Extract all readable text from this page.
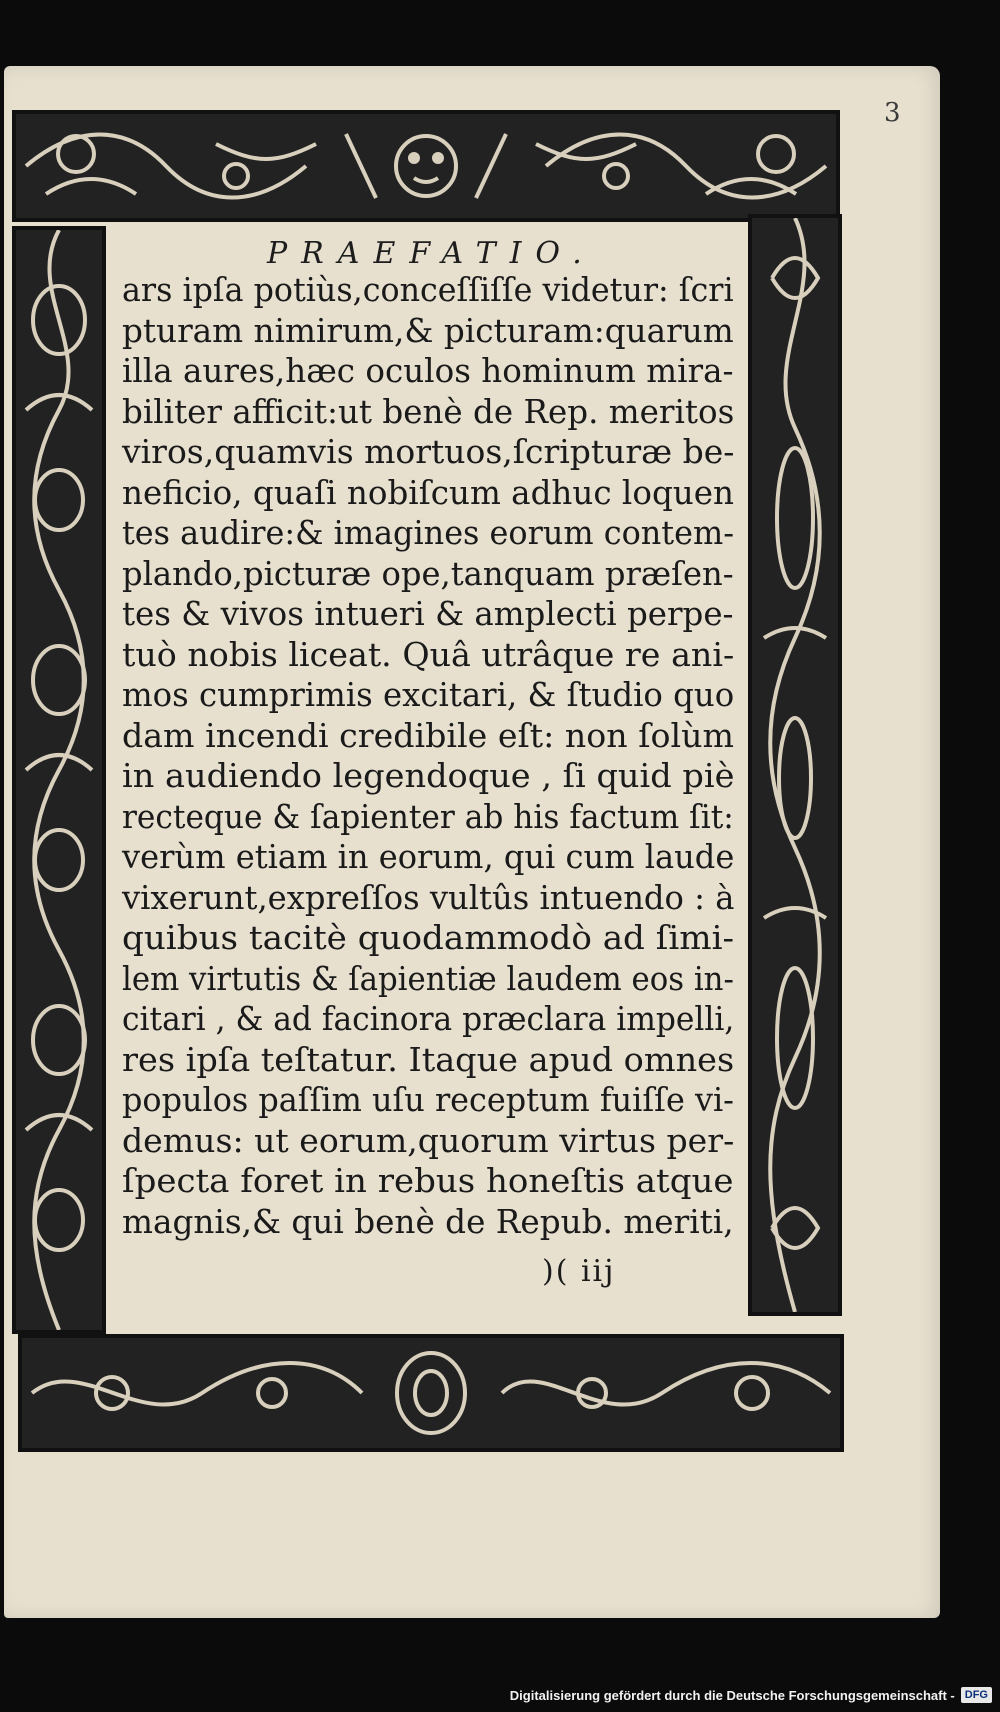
3
PRAEFATIO.
ars ipſa potiùs,conceſſiſſe videtur: ſcri
pturam nimirum,& picturam:quarum
illa aures,hæc oculos hominum mira-
biliter afficit:ut benè de Rep. meritos
viros,quamvis mortuos,ſcripturæ be-
neficio, quaſi nobiſcum adhuc loquen
tes audire:& imagines eorum contem-
plando,picturæ ope,tanquam præſen-
tes & vivos intueri & amplecti perpe-
tuò nobis liceat. Quâ utrâque re ani-
mos cumprimis excitari, & ſtudio quo
dam incendi credibile eſt: non ſolùm
in audiendo legendoque , ſi quid piè
recteque & ſapienter ab his factum ſit:
verùm etiam in eorum, qui cum laude
vixerunt,expreſſos vultûs intuendo : à
quibus tacitè quodammodò ad ſimi-
lem virtutis & ſapientiæ laudem eos in-
citari , & ad facinora præclara impelli,
res ipſa teſtatur. Itaque apud omnes
populos paſſim uſu receptum fuiſſe vi-
demus: ut eorum,quorum virtus per-
ſpecta foret in rebus honeſtis atque
magnis,& qui benè de Repub. meriti,
)( iij
Digitalisierung gefördert durch die Deutsche Forschungsgemeinschaft - DFG
